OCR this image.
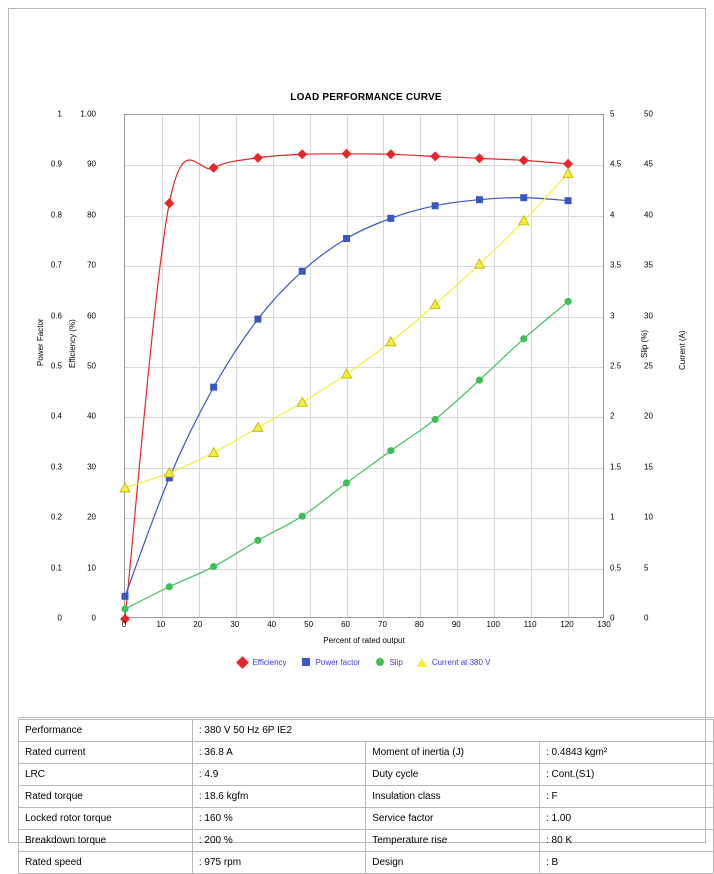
LOAD PERFORMANCE CURVE
Power Factor	Efficiency (%)	Slip (%)	Current (A)
0
0.1
0.2
0.3
0.4
0.5
0.6
0.7
0.8
0.9
1
0
10
20
30
40
50
60
70
80
90
1.00
0
0.5
1
1.5
2
2.5
3
3.5
4
4.5
5
0
5
10
15
20
25
30
35
40
45
50
0	10	20	30	40	50	60	70	80	90	100	110	120	130
Percent of rated output
Efficiency	Power factor	Slip	Current at 380 V
Performance	: 380 V 50 Hz 6P IE2		
Rated current	: 36.8 A	Moment of inertia (J)	: 0.4843 kgm²
LRC	: 4.9	Duty cycle	: Cont.(S1)
Rated torque	: 18.6 kgfm	Insulation class	: F
Locked rotor torque	: 160 %	Service factor	: 1.00
Breakdown torque	: 200 %	Temperature rise	: 80 K
Rated speed	: 975 rpm	Design	: B
